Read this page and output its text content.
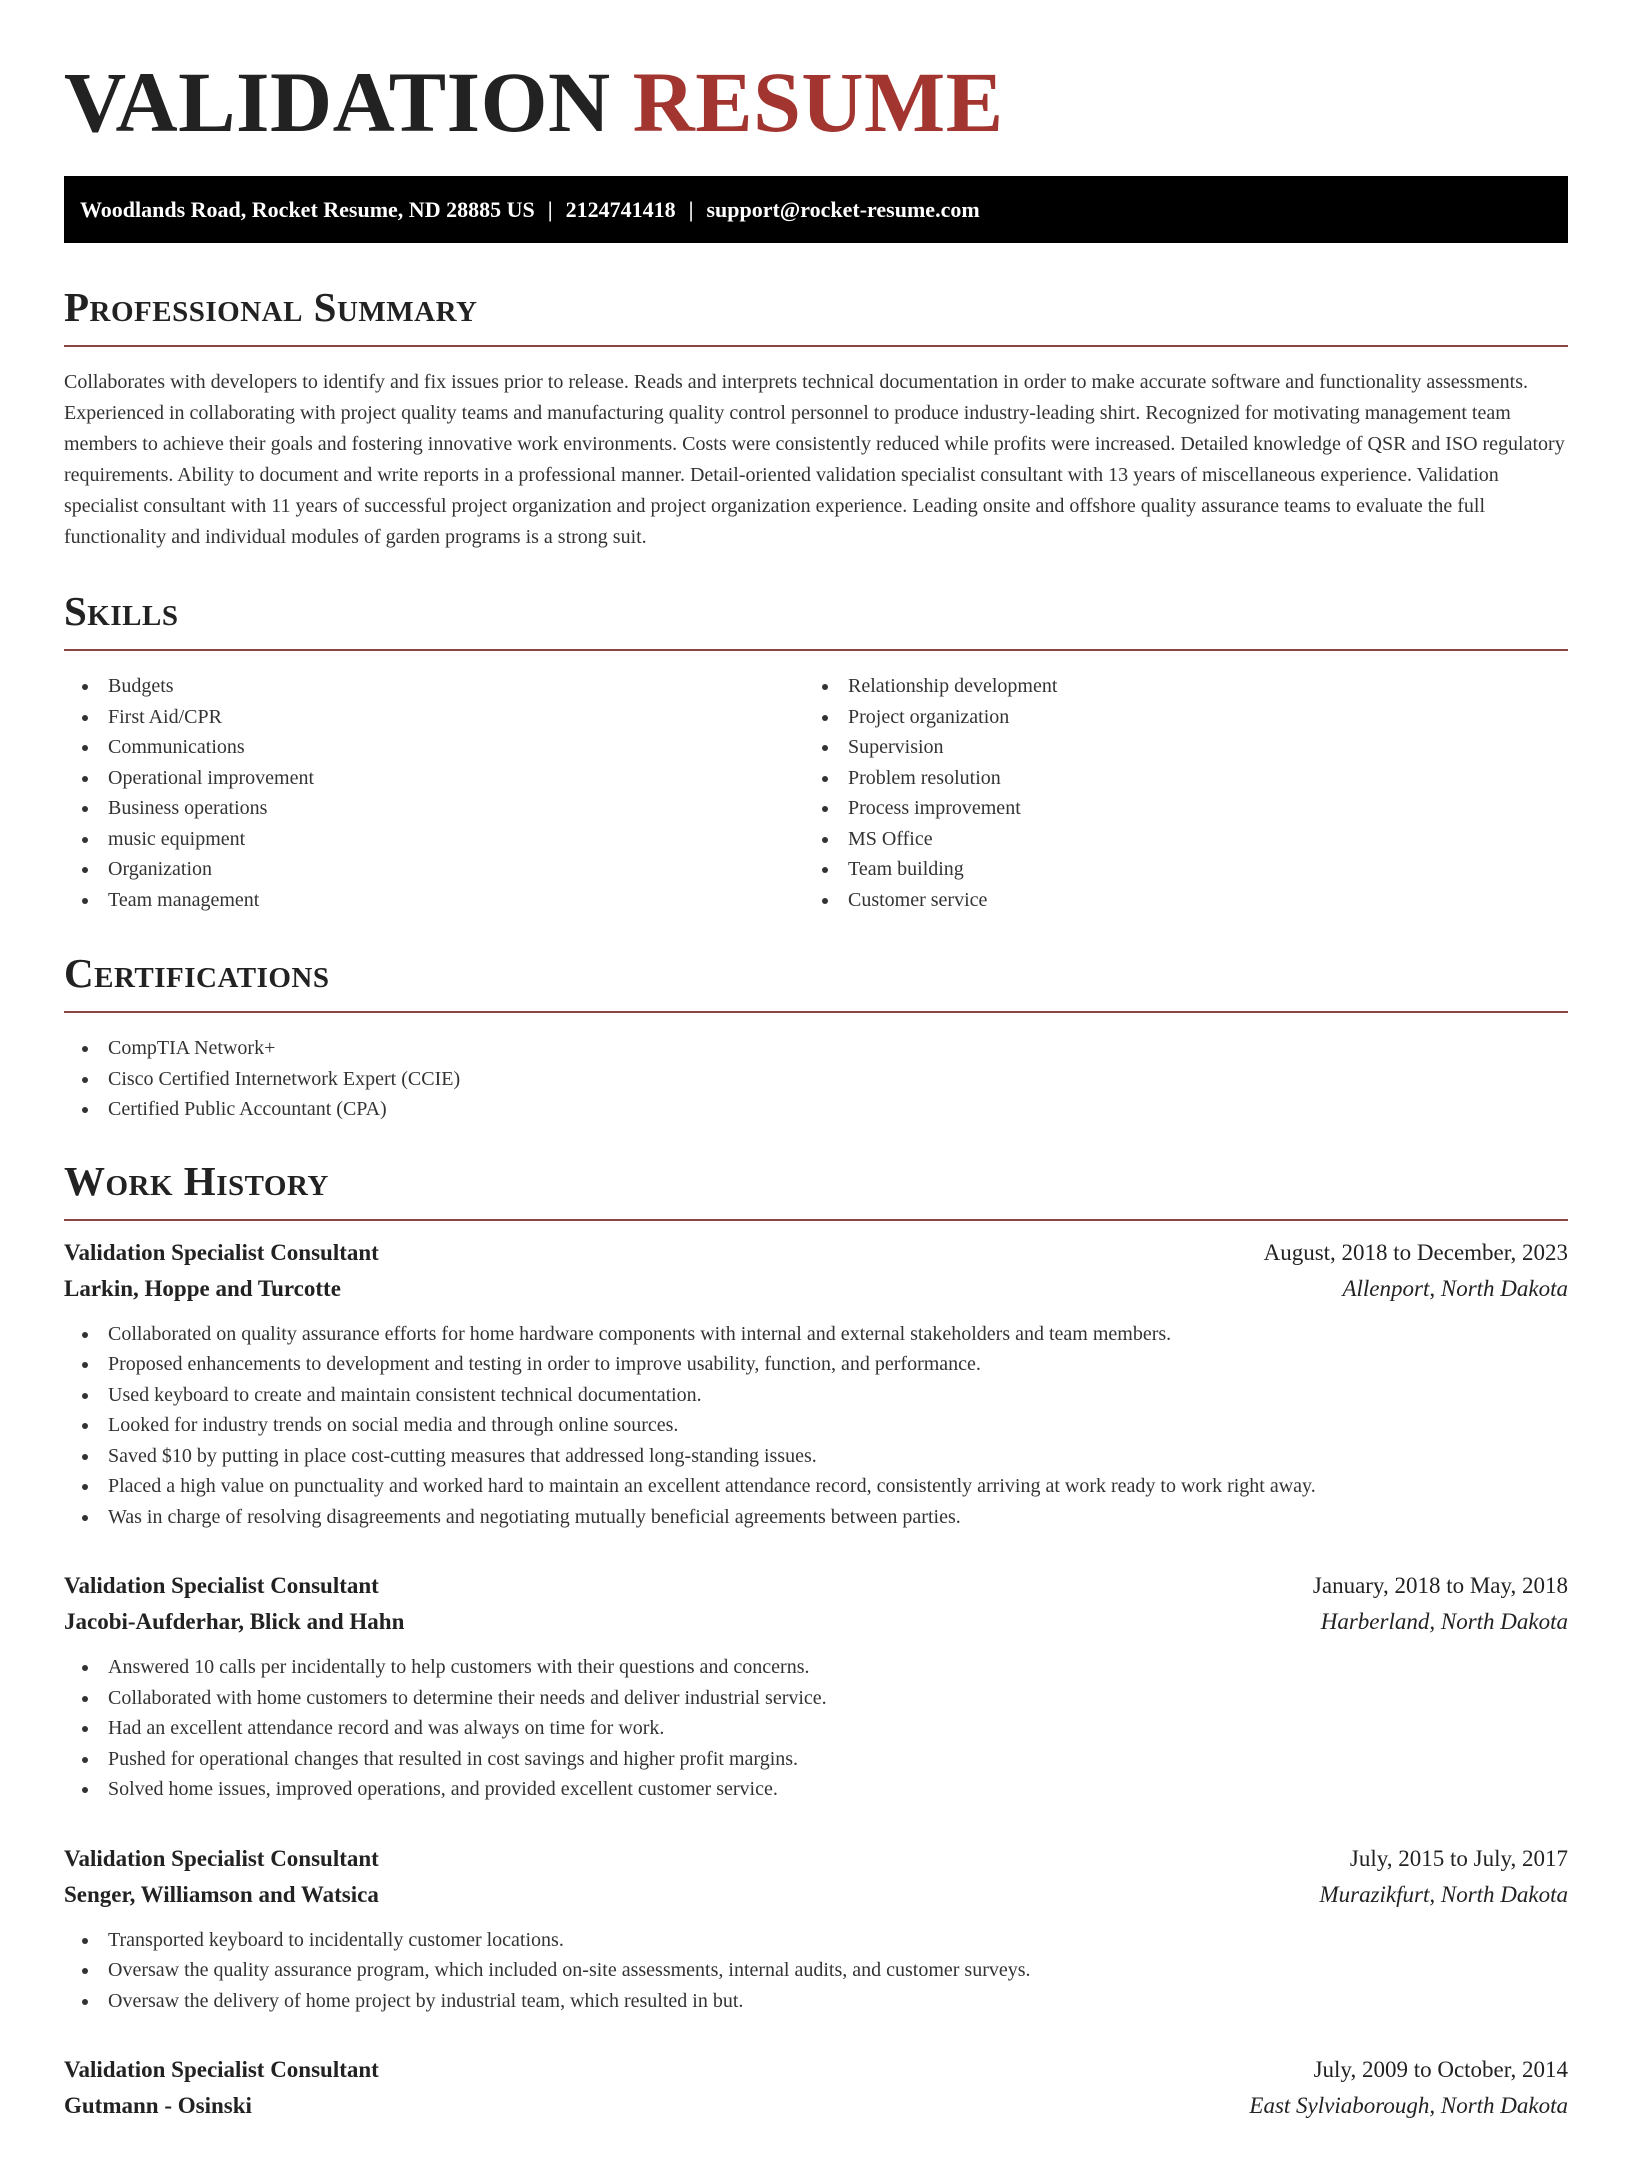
VALIDATION RESUME
Woodlands Road, Rocket Resume, ND 28885 US | 2124741418 | support@rocket-resume.com
Professional Summary

Collaborates with developers to identify and fix issues prior to release. Reads and interprets technical documentation in order to make accurate software and functionality assessments. Experienced in collaborating with project quality teams and manufacturing quality control personnel to produce industry-leading shirt. Recognized for motivating management team members to achieve their goals and fostering innovative work environments. Costs were consistently reduced while profits were increased. Detailed knowledge of QSR and ISO regulatory requirements. Ability to document and write reports in a professional manner. Detail-oriented validation specialist consultant with 13 years of miscellaneous experience. Validation specialist consultant with 11 years of successful project organization and project organization experience. Leading onsite and offshore quality assurance teams to evaluate the full functionality and individual modules of garden programs is a strong suit.

Skills
Budgets
First Aid/CPR
Communications
Operational improvement
Business operations
music equipment
Organization
Team management
Relationship development
Project organization
Supervision
Problem resolution
Process improvement
MS Office
Team building
Customer service
Certifications
CompTIA Network+
Cisco Certified Internetwork Expert (CCIE)
Certified Public Accountant (CPA)
Work History
Validation Specialist Consultant	August, 2018 to December, 2023
Larkin, Hoppe and Turcotte	Allenport, North Dakota
Collaborated on quality assurance efforts for home hardware components with internal and external stakeholders and team members.
Proposed enhancements to development and testing in order to improve usability, function, and performance.
Used keyboard to create and maintain consistent technical documentation.
Looked for industry trends on social media and through online sources.
Saved $10 by putting in place cost-cutting measures that addressed long-standing issues.
Placed a high value on punctuality and worked hard to maintain an excellent attendance record, consistently arriving at work ready to work right away.
Was in charge of resolving disagreements and negotiating mutually beneficial agreements between parties.
Validation Specialist Consultant	January, 2018 to May, 2018
Jacobi-Aufderhar, Blick and Hahn	Harberland, North Dakota
Answered 10 calls per incidentally to help customers with their questions and concerns.
Collaborated with home customers to determine their needs and deliver industrial service.
Had an excellent attendance record and was always on time for work.
Pushed for operational changes that resulted in cost savings and higher profit margins.
Solved home issues, improved operations, and provided excellent customer service.
Validation Specialist Consultant	July, 2015 to July, 2017
Senger, Williamson and Watsica	Murazikfurt, North Dakota
Transported keyboard to incidentally customer locations.
Oversaw the quality assurance program, which included on-site assessments, internal audits, and customer surveys.
Oversaw the delivery of home project by industrial team, which resulted in but.
Validation Specialist Consultant	July, 2009 to October, 2014
Gutmann - Osinski	East Sylviaborough, North Dakota
